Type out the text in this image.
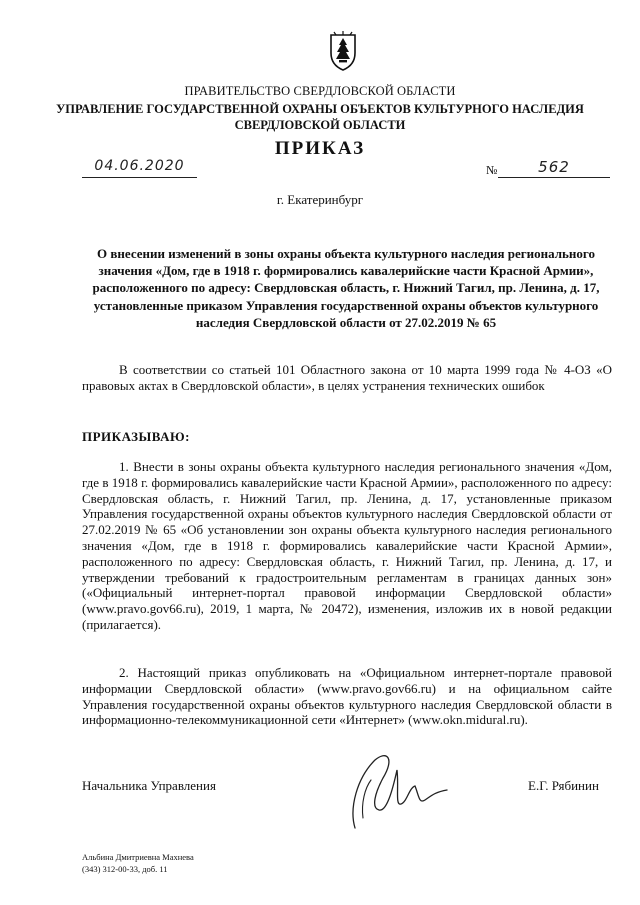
ПРАВИТЕЛЬСТВО СВЕРДЛОВСКОЙ ОБЛАСТИ
УПРАВЛЕНИЕ ГОСУДАРСТВЕННОЙ ОХРАНЫ ОБЪЕКТОВ КУЛЬТУРНОГО НАСЛЕДИЯ
СВЕРДЛОВСКОЙ ОБЛАСТИ
ПРИКАЗ
04.06.2020	№	562
г. Екатеринбург
О внесении изменений в зоны охраны объекта культурного наследия регионального значения «Дом, где в 1918 г. формировались кавалерийские части Красной Армии», расположенного по адресу: Свердловская область, г. Нижний Тагил, пр. Ленина, д. 17, установленные приказом Управления государственной охраны объектов культурного наследия Свердловской области от 27.02.2019 № 65
В соответствии со статьей 101 Областного закона от 10 марта 1999 года № 4-ОЗ «О правовых актах в Свердловской области», в целях устранения технических ошибок
ПРИКАЗЫВАЮ:
1. Внести в зоны охраны объекта культурного наследия регионального значения «Дом, где в 1918 г. формировались кавалерийские части Красной Армии», расположенного по адресу: Свердловская область, г. Нижний Тагил, пр. Ленина, д. 17, установленные приказом Управления государственной охраны объектов культурного наследия Свердловской области от 27.02.2019 № 65 «Об установлении зон охраны объекта культурного наследия регионального значения «Дом, где в 1918 г. формировались кавалерийские части Красной Армии», расположенного по адресу: Свердловская область, г. Нижний Тагил, пр. Ленина, д. 17, и утверждении требований к градостроительным регламентам в границах данных зон» («Официальный интернет-портал правовой информации Свердловской области» (www.pravo.gov66.ru), 2019, 1 марта, № 20472), изменения, изложив их в новой редакции (прилагается).
2. Настоящий приказ опубликовать на «Официальном интернет-портале правовой информации Свердловской области» (www.pravo.gov66.ru) и на официальном сайте Управления государственной охраны объектов культурного наследия Свердловской области в информационно-телекоммуникационной сети «Интернет» (www.okn.midural.ru).
Начальника Управления	Е.Г. Рябинин
Альбина Дмитриевна Махнева
(343) 312-00-33, доб. 11
